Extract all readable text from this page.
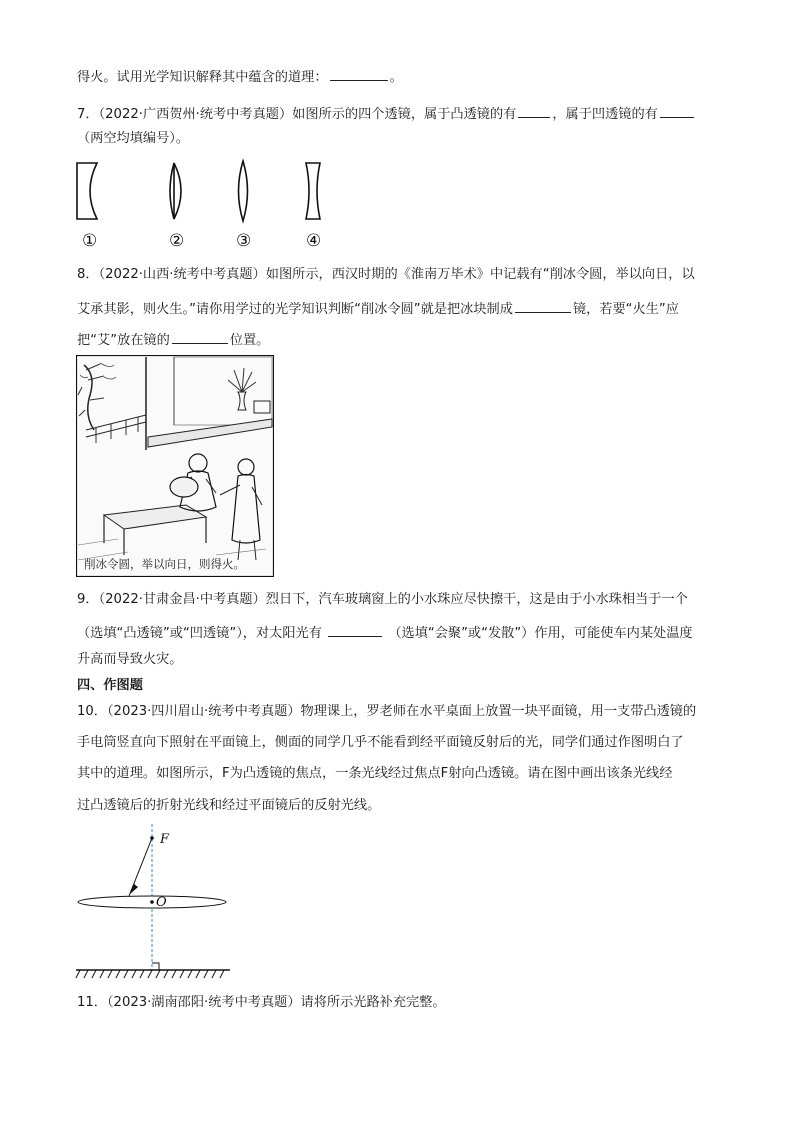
得火。试用光学知识解释其中蕴含的道理：	。
7．（2022·广西贺州·统考中考真题）如图所示的四个透镜，属于凸透镜的有	，属于凹透镜的有
（两空均填编号）。
①	②	③	④
8．（2022·山西·统考中考真题）如图所示，西汉时期的《淮南万毕术》中记载有“削冰令圆，举以向日，以
艾承其影，则火生。”请你用学过的光学知识判断“削冰令圆”就是把冰块制成	镜，若要“火生”应
把“艾”放在镜的	位置。
削冰令圆，举以向日，则得火。
9．（2022·甘肃金昌·中考真题）烈日下，汽车玻璃窗上的小水珠应尽快擦干，这是由于小水珠相当于一个
（选填“凸透镜”或“凹透镜”），对太阳光有	（选填“会聚”或“发散”）作用，可能使车内某处温度
升高而导致火灾。
四、作图题
10．（2023·四川眉山·统考中考真题）物理课上，罗老师在水平桌面上放置一块平面镜，用一支带凸透镜的
手电筒竖直向下照射在平面镜上，侧面的同学几乎不能看到经平面镜反射后的光，同学们通过作图明白了
其中的道理。如图所示，F为凸透镜的焦点，一条光线经过焦点F射向凸透镜。请在图中画出该条光线经
过凸透镜后的折射光线和经过平面镜后的反射光线。
F
O
11．（2023·湖南邵阳·统考中考真题）请将所示光路补充完整。
